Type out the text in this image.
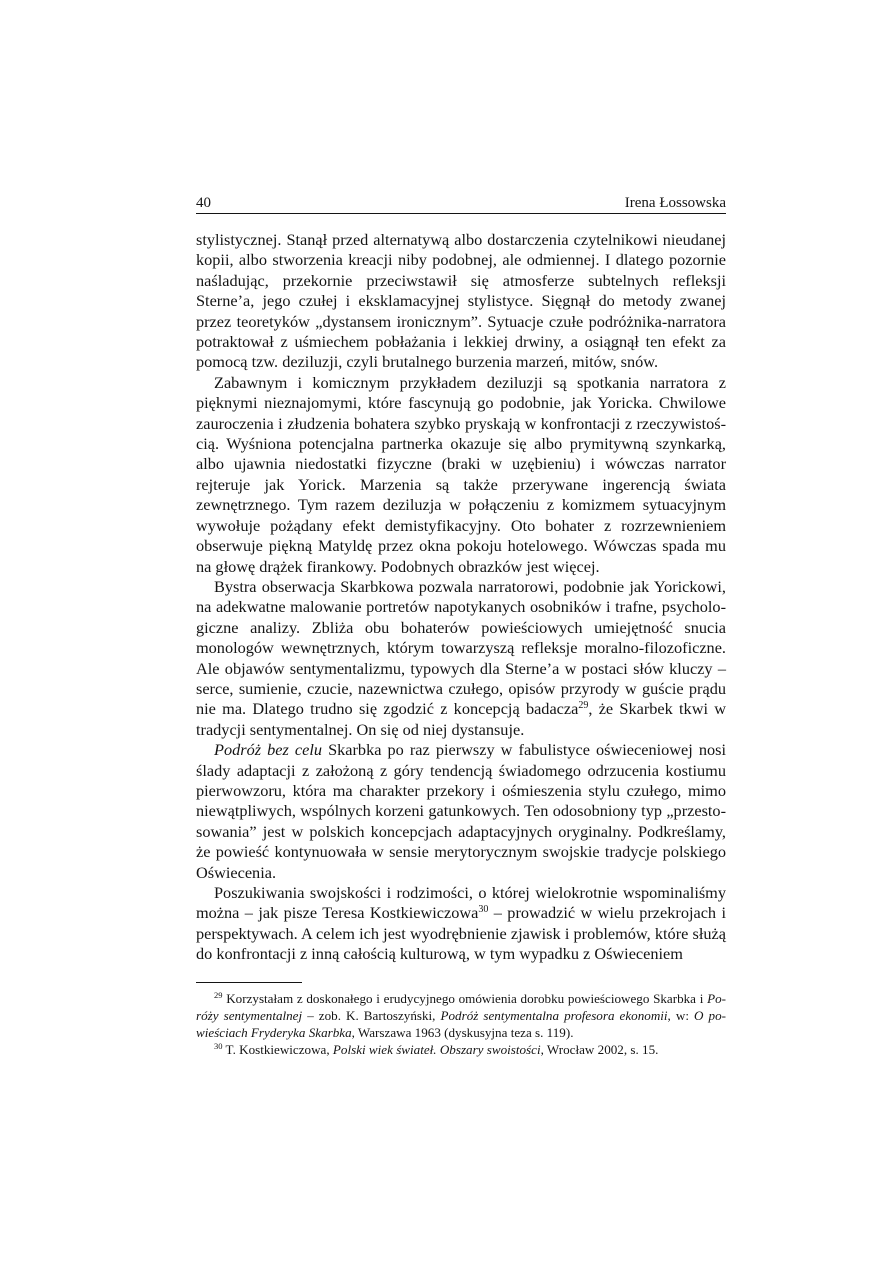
40	Irena Łossowska

stylistycznej. Stanął przed alternatywą albo dostarczenia czytelnikowi nieudanej kopii, albo stworzenia kreacji niby podobnej, ale odmiennej. I dlatego pozornie naśladując, przekornie przeciwstawił się atmosferze subtelnych refleksji Sterne’a, jego czułej i eksklamacyjnej stylistyce. Sięgnął do metody zwanej przez teoretyków „dystansem ironicznym”. Sytuacje czułe podróżnika-narratora potraktował z uśmiechem pobłażania i lekkiej drwiny, a osiągnął ten efekt za pomocą tzw. deziluzji, czyli brutalnego burzenia marzeń, mitów, snów.

Zabawnym i komicznym przykładem deziluzji są spotkania narratora z pięknymi nieznajomymi, które fascynują go podobnie, jak Yoricka. Chwilowe zauroczenia i złudzenia bohatera szybko pryskają w konfrontacji z rzeczywistością. Wyśniona potencjalna partnerka okazuje się albo prymitywną szynkarką, albo ujawnia niedostatki fizyczne (braki w uzębieniu) i wówczas narrator rejteruje jak Yorick. Marzenia są także przerywane ingerencją świata zewnętrznego. Tym razem deziluzja w połączeniu z komizmem sytuacyjnym wywołuje pożądany efekt demistyfikacyjny. Oto bohater z rozrzewnieniem obserwuje piękną Matyldę przez okna pokoju hotelowego. Wówczas spada mu na głowę drążek firankowy. Podobnych obrazków jest więcej.

Bystra obserwacja Skarbkowa pozwala narratorowi, podobnie jak Yorickowi, na adekwatne malowanie portretów napotykanych osobników i trafne, psychologiczne analizy. Zbliża obu bohaterów powieściowych umiejętność snucia monologów wewnętrznych, którym towarzyszą refleksje moralno-filozoficzne. Ale objawów sentymentalizmu, typowych dla Sterne’a w postaci słów kluczy – serce, sumienie, czucie, nazewnictwa czułego, opisów przyrody w guście prądu nie ma. Dlatego trudno się zgodzić z koncepcją badacza$^{29}$, że Skarbek tkwi w tradycji sentymentalnej. On się od niej dystansuje.

Podróż bez celu Skarbka po raz pierwszy w fabulistyce oświeceniowej nosi ślady adaptacji z założoną z góry tendencją świadomego odrzucenia kostiumu pierwowzoru, która ma charakter przekory i ośmieszenia stylu czułego, mimo niewątpliwych, wspólnych korzeni gatunkowych. Ten odosobniony typ „przestosowania” jest w polskich koncepcjach adaptacyjnych oryginalny. Podkreślamy, że powieść kontynuowała w sensie merytorycznym swojskie tradycje polskiego Oświecenia.

Poszukiwania swojskości i rodzimości, o której wielokrotnie wspominaliśmy można – jak pisze Teresa Kostkiewiczowa$^{30}$ – prowadzić w wielu przekrojach i perspektywach. A celem ich jest wyodrębnienie zjawisk i problemów, które służą do konfrontacji z inną całością kulturową, w tym wypadku z Oświeceniem

$^{29}$ Korzystałam z doskonałego i erudycyjnego omówienia dorobku powieściowego Skarbka i Poróży sentymentalnej – zob. K. Bartoszyński, Podróż sentymentalna profesora ekonomii, w: O powieściach Fryderyka Skarbka, Warszawa 1963 (dyskusyjna teza s. 119).

$^{30}$ T. Kostkiewiczowa, Polski wiek świateł. Obszary swoistości, Wrocław 2002, s. 15.
